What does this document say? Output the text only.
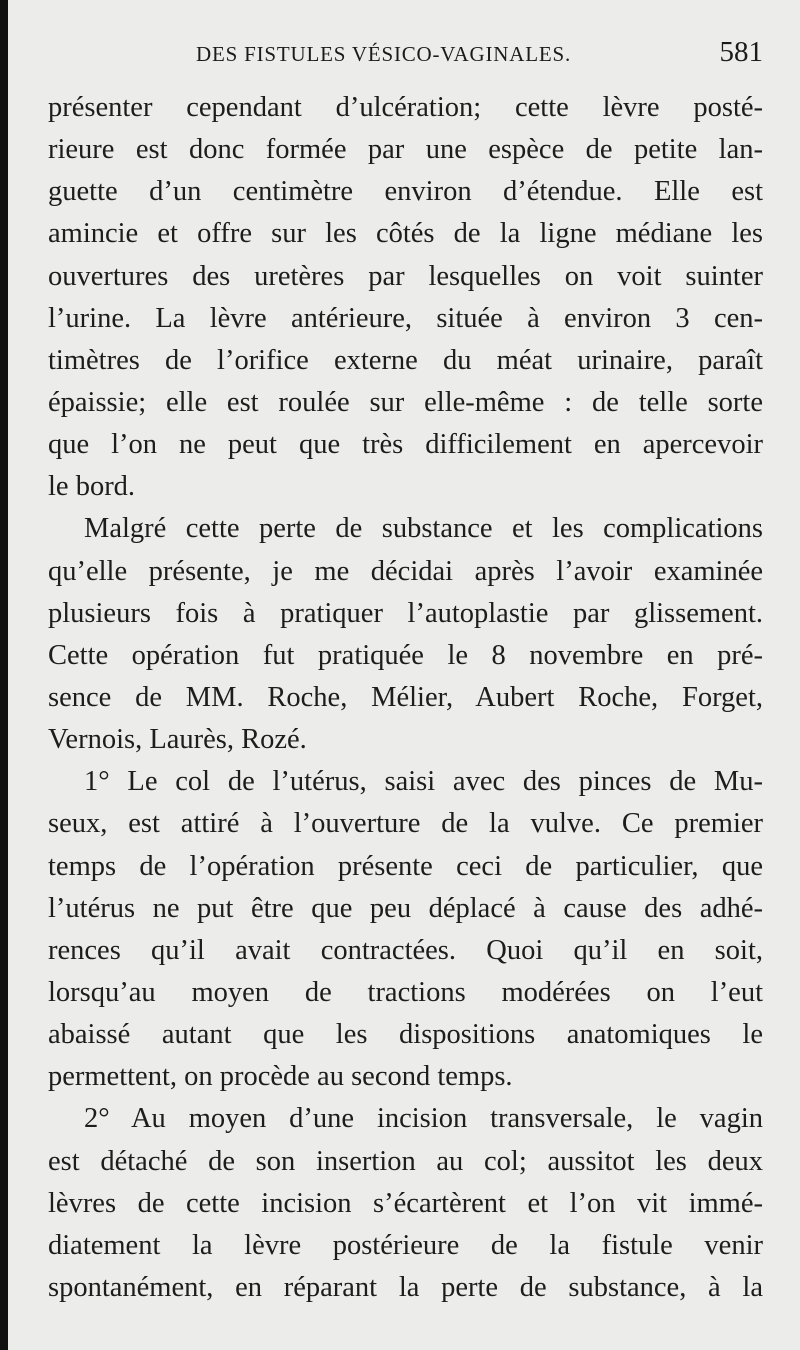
DES FISTULES VÉSICO-VAGINALES.	581
présenter cependant d’ulcération; cette lèvre posté-
rieure est donc formée par une espèce de petite lan-
guette d’un centimètre environ d’étendue. Elle est
amincie et offre sur les côtés de la ligne médiane les
ouvertures des uretères par lesquelles on voit suinter
l’urine. La lèvre antérieure, située à environ 3 cen-
timètres de l’orifice externe du méat urinaire, paraît
épaissie; elle est roulée sur elle-même : de telle sorte
que l’on ne peut que très difficilement en apercevoir
le bord.
Malgré cette perte de substance et les complications
qu’elle présente, je me décidai après l’avoir examinée
plusieurs fois à pratiquer l’autoplastie par glissement.
Cette opération fut pratiquée le 8 novembre en pré-
sence de MM. Roche, Mélier, Aubert Roche, Forget,
Vernois, Laurès, Rozé.
1° Le col de l’utérus, saisi avec des pinces de Mu-
seux, est attiré à l’ouverture de la vulve. Ce premier
temps de l’opération présente ceci de particulier, que
l’utérus ne put être que peu déplacé à cause des adhé-
rences qu’il avait contractées. Quoi qu’il en soit,
lorsqu’au moyen de tractions modérées on l’eut
abaissé autant que les dispositions anatomiques le
permettent, on procède au second temps.
2° Au moyen d’une incision transversale, le vagin
est détaché de son insertion au col; aussitot les deux
lèvres de cette incision s’écartèrent et l’on vit immé-
diatement la lèvre postérieure de la fistule venir
spontanément, en réparant la perte de substance, à la
